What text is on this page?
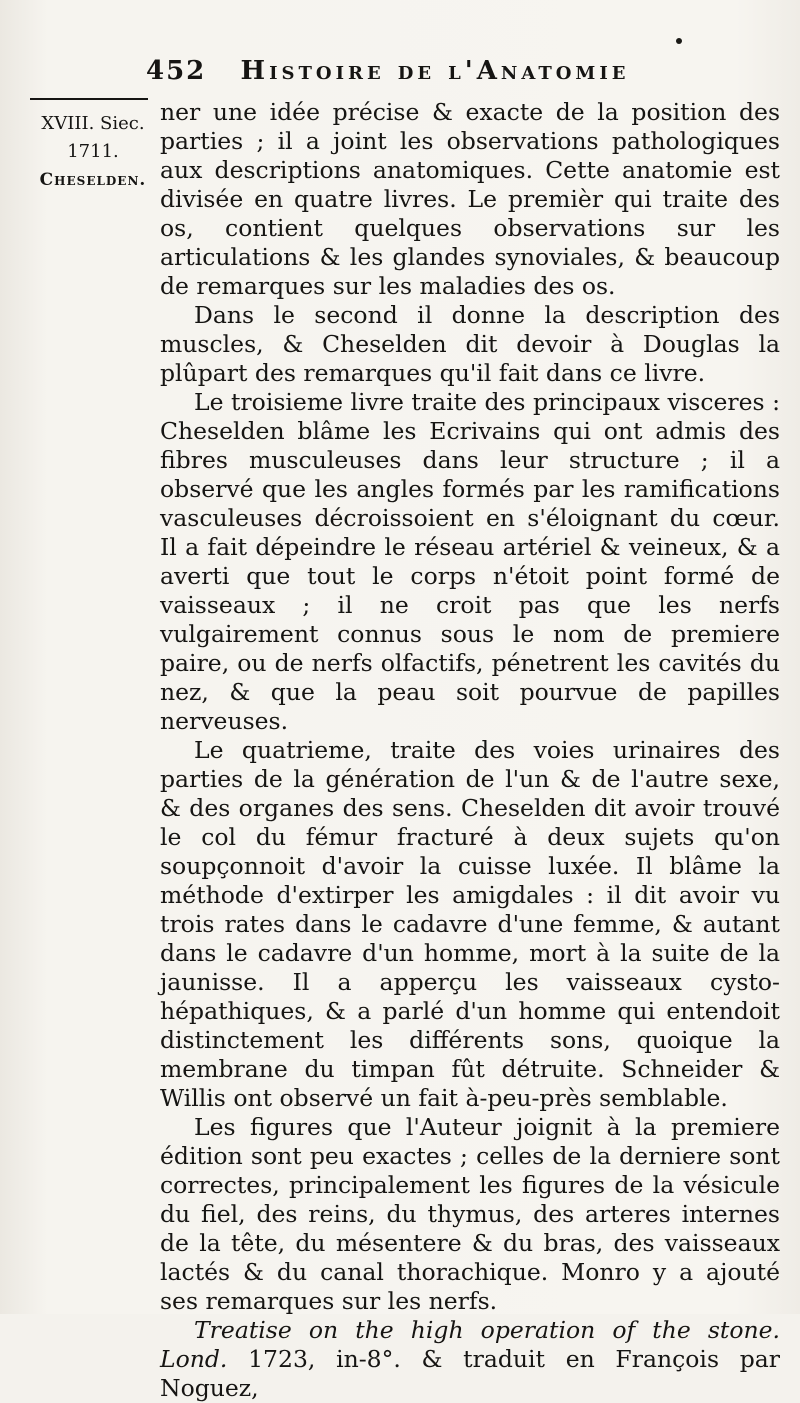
452 Histoire de l'Anatomie
XVIII. Siec.
1711.
Cheselden.

ner une idée précise & exacte de la position des parties ; il a joint les observations pathologiques aux descriptions anatomiques. Cette anatomie est divisée en quatre livres. Le premièr qui traite des os, contient quelques observations sur les articulations & les glandes synoviales, & beaucoup de remarques sur les maladies des os.

Dans le second il donne la description des muscles, & Cheselden dit devoir à Douglas la plûpart des remarques qu'il fait dans ce livre.

Le troisieme livre traite des principaux visceres : Cheselden blâme les Ecrivains qui ont admis des fibres musculeuses dans leur structure ; il a observé que les angles formés par les ramifications vasculeuses décroissoient en s'éloignant du cœur. Il a fait dépeindre le réseau artériel & veineux, & a averti que tout le corps n'étoit point formé de vaisseaux ; il ne croit pas que les nerfs vulgairement connus sous le nom de premiere paire, ou de nerfs olfactifs, pénetrent les cavités du nez, & que la peau soit pourvue de papilles nerveuses.

Le quatrieme, traite des voies urinaires des parties de la génération de l'un & de l'autre sexe, & des organes des sens. Cheselden dit avoir trouvé le col du fémur fracturé à deux sujets qu'on soupçonnoit d'avoir la cuisse luxée. Il blâme la méthode d'extirper les amigdales : il dit avoir vu trois rates dans le cadavre d'une femme, & autant dans le cadavre d'un homme, mort à la suite de la jaunisse. Il a apperçu les vaisseaux cysto-hépathiques, & a parlé d'un homme qui entendoit distinctement les différents sons, quoique la membrane du timpan fût détruite. Schneider & Willis ont observé un fait à-peu-près semblable.

Les figures que l'Auteur joignit à la premiere édition sont peu exactes ; celles de la derniere sont correctes, principalement les figures de la vésicule du fiel, des reins, du thymus, des arteres internes de la tête, du mésentere & du bras, des vaisseaux lactés & du canal thorachique. Monro y a ajouté ses remarques sur les nerfs.

Treatise on the high operation of the stone. Lond. 1723, in-8°. & traduit en François par Noguez,
